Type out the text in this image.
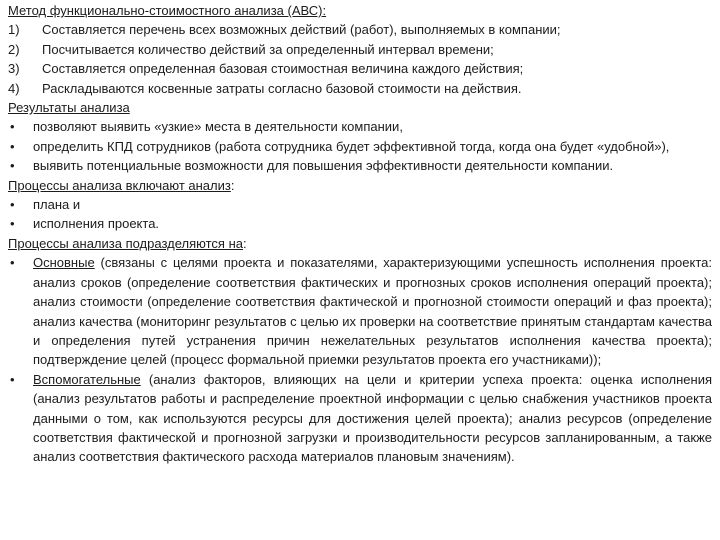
Метод функционально-стоимостного анализа (АВС):

1)	Составляется перечень всех возможных действий (работ), выполняемых в компании;
2)	Посчитывается количество действий за определенный интервал времени;
3)	Составляется определенная базовая стоимостная величина каждого действия;
4)	Раскладываются косвенные затраты согласно базовой стоимости на действия.

Результаты анализа

•	позволяют выявить «узкие» места в деятельности компании,
•	определить КПД сотрудников (работа сотрудника будет эффективной тогда, когда она будет «удобной»),
•	выявить потенциальные возможности для повышения эффективности деятельности компании.

Процессы анализа включают анализ:

•	плана и
•	исполнения проекта.

Процессы анализа подразделяются на:

•	Основные (связаны с целями проекта и показателями, характеризующими успешность исполнения проекта: анализ сроков (определение соответствия фактических и прогнозных сроков исполнения операций проекта); анализ стоимости (определение соответствия фактической и прогнозной стоимости операций и фаз проекта); анализ качества (мониторинг результатов с целью их проверки на соответствие принятым стандартам качества и определения путей устранения причин нежелательных результатов исполнения качества проекта); подтверждение целей (процесс формальной приемки результатов проекта его участниками));
•	Вспомогательные (анализ факторов, влияющих на цели и критерии успеха проекта: оценка исполнения (анализ результатов работы и распределение проектной информации с целью снабжения участников проекта данными о том, как используются ресурсы для достижения целей проекта); анализ ресурсов (определение соответствия фактической и прогнозной загрузки и производительности ресурсов запланированным, а также анализ соответствия фактического расхода материалов плановым значениям).
